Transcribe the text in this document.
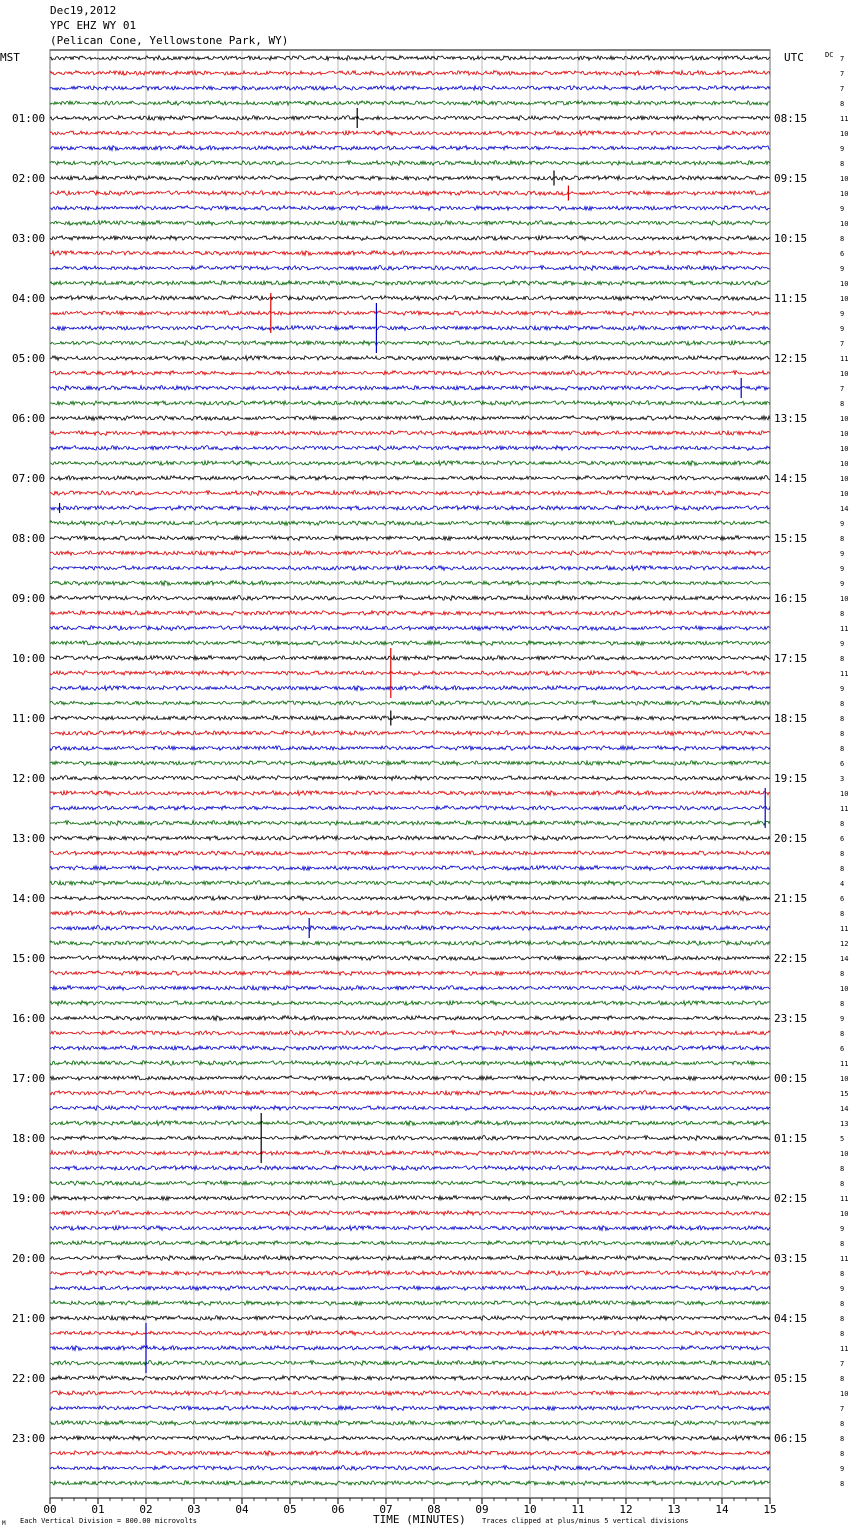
Dec19,2012
YPC EHZ WY 01
(Pelican Cone, Yellowstone Park, WY)
MST	UTC	DC
TIME (MINUTES)
Each Vertical Division = 800.00 microvolts	Traces clipped at plus/minus 5 vertical divisions
M
00	01	02	03	04	05	06	07	08	09	10	11	12	13	14	15
01:00
02:00
03:00
04:00
05:00
06:00
07:00
08:00
09:00
10:00
11:00
12:00
13:00
14:00
15:00
16:00
17:00
18:00
19:00
20:00
21:00
22:00
23:00
08:15
09:15
10:15
11:15
12:15
13:15
14:15
15:15
16:15
17:15
18:15
19:15
20:15
21:15
22:15
23:15
00:15
01:15
02:15
03:15
04:15
05:15
06:15
7
7
7
8
11
10
9
8
10
10
9
10
8
6
9
10
10
9
9
7
11
10
7
8
10
10
10
10
10
10
14
9
8
9
9
9
10
8
11
9
8
11
9
8
8
8
8
6
3
10
11
8
6
8
8
4
6
8
11
12
14
8
10
8
9
8
6
11
10
15
14
13
5
10
8
8
11
10
9
8
11
8
9
8
8
8
11
7
8
10
7
8
8
8
9
8
